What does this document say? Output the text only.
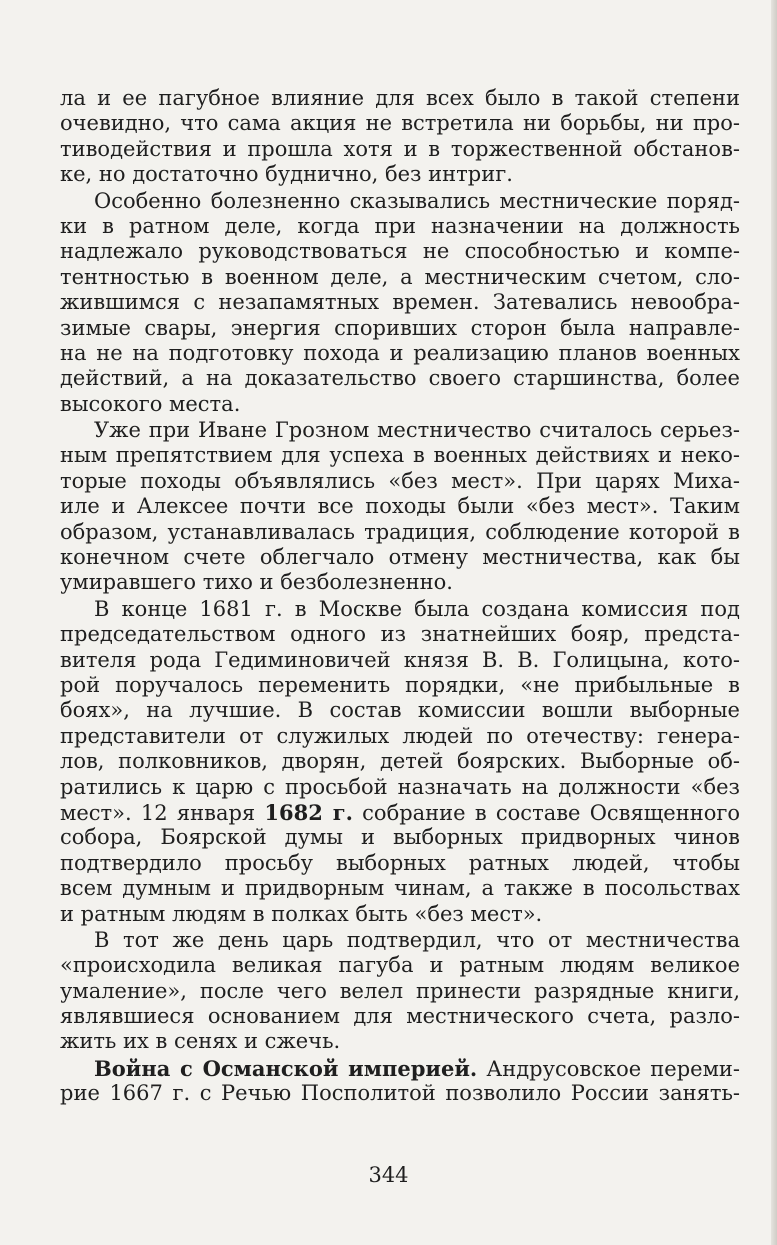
ла и ее пагубное влияние для всех было в такой степени
очевидно, что сама акция не встретила ни борьбы, ни про-
тиводействия и прошла хотя и в торжественной обстанов-
ке, но достаточно буднично, без интриг.
Особенно болезненно сказывались местнические поряд-
ки в ратном деле, когда при назначении на должность
надлежало руководствоваться не способностью и компе-
тентностью в военном деле, а местническим счетом, сло-
жившимся с незапамятных времен. Затевались невообра-
зимые свары, энергия споривших сторон была направле-
на не на подготовку похода и реализацию планов военных
действий, а на доказательство своего старшинства, более
высокого места.
Уже при Иване Грозном местничество считалось серьез-
ным препятствием для успеха в военных действиях и неко-
торые походы объявлялись «без мест». При царях Миха-
иле и Алексее почти все походы были «без мест». Таким
образом, устанавливалась традиция, соблюдение которой в
конечном счете облегчало отмену местничества, как бы
умиравшего тихо и безболезненно.
В конце 1681 г. в Москве была создана комиссия под
председательством одного из знатнейших бояр, предста-
вителя рода Гедиминовичей князя В. В. Голицына, кото-
рой поручалось переменить порядки, «не прибыльные в
боях», на лучшие. В состав комиссии вошли выборные
представители от служилых людей по отечеству: генера-
лов, полковников, дворян, детей боярских. Выборные об-
ратились к царю с просьбой назначать на должности «без
мест». 12 января 1682 г. собрание в составе Освященного
собора, Боярской думы и выборных придворных чинов
подтвердило просьбу выборных ратных людей, чтобы
всем думным и придворным чинам, а также в посольствах
и ратным людям в полках быть «без мест».
В тот же день царь подтвердил, что от местничества
«происходила великая пагуба и ратным людям великое
умаление», после чего велел принести разрядные книги,
являвшиеся основанием для местнического счета, разло-
жить их в сенях и сжечь.
Война с Османской империей. Андрусовское переми-
рие 1667 г. с Речью Посполитой позволило России занять-
344
